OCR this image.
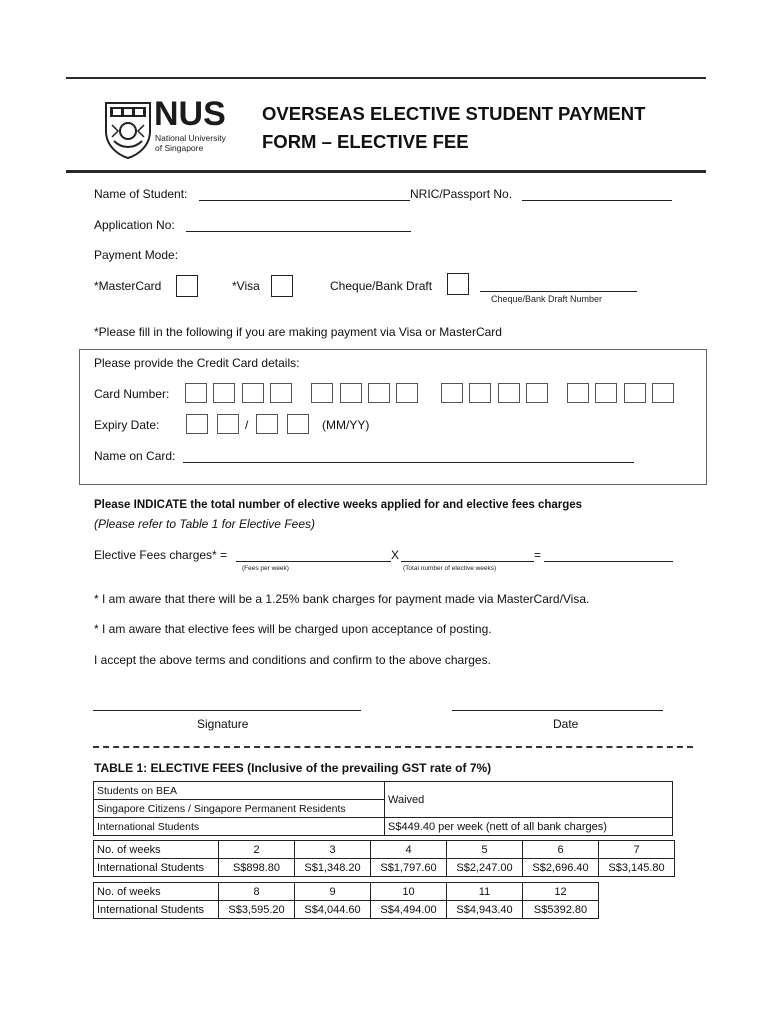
NUS
National University
of Singapore
OVERSEAS ELECTIVE STUDENT PAYMENT
FORM – ELECTIVE FEE
Name of Student:	NRIC/Passport No.
Application No:
Payment Mode:
*MasterCard	*Visa	Cheque/Bank Draft
Cheque/Bank Draft Number
*Please fill in the following if you are making payment via Visa or MasterCard
Please provide the Credit Card details:
Card Number:
Expiry Date:	/	(MM/YY)
Name on Card:
Please INDICATE the total number of elective weeks applied for and elective fees charges
(Please refer to Table 1 for Elective Fees)
Elective Fees charges* =	X	=
(Fees per week)	(Total number of elective weeks)
* I am aware that there will be a 1.25% bank charges for payment made via MasterCard/Visa.
* I am aware that elective fees will be charged upon acceptance of posting.
I accept the above terms and conditions and confirm to the above charges.
Signature	Date
TABLE 1: ELECTIVE FEES (Inclusive of the prevailing GST rate of 7%)
Students on BEA	Waived
Singapore Citizens / Singapore Permanent Residents	
International Students	S$449.40 per week (nett of all bank charges)
No. of weeks	2	3	4	5	6	7
International Students	S$898.80	S$1,348.20	S$1,797.60	S$2,247.00	S$2,696.40	S$3,145.80
No. of weeks	8	9	10	11	12
International Students	S$3,595.20	S$4,044.60	S$4,494.00	S$4,943.40	S$5392.80
